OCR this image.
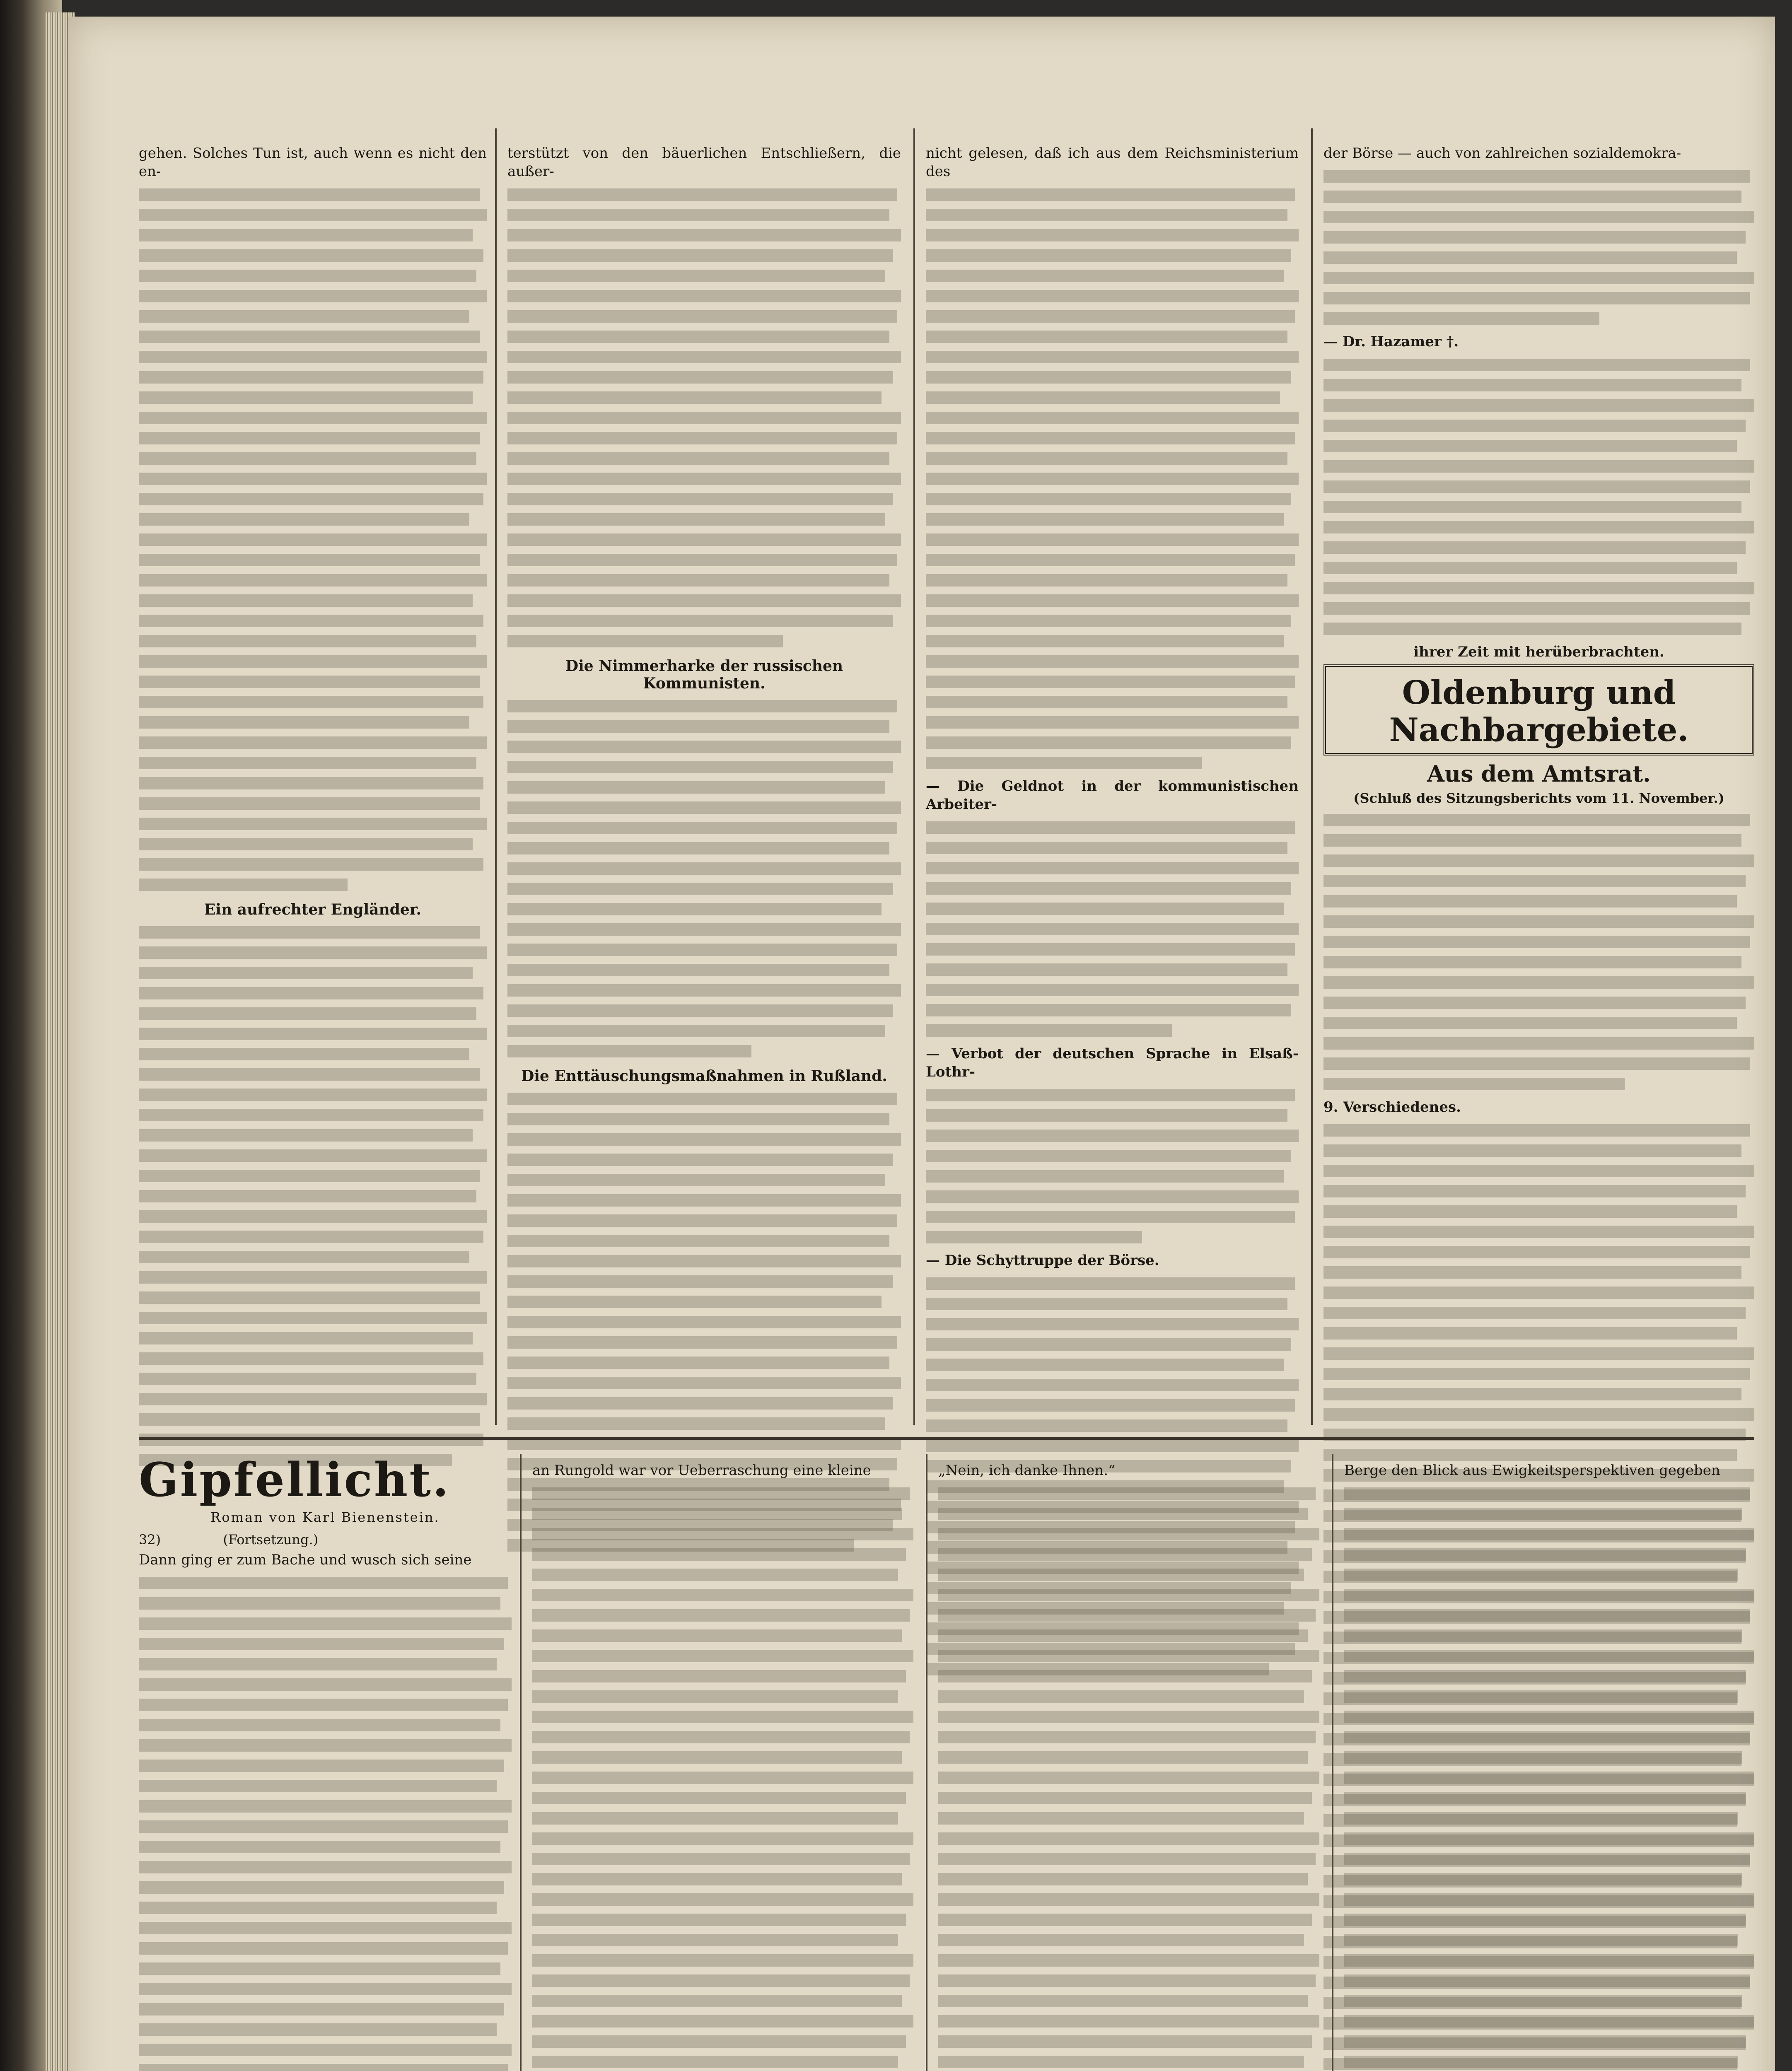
gehen. Solches Tun ist, auch wenn es nicht den en-

Ein aufrechter Engländer.

terstützt von den bäuerlichen Entschließern, die außer-

Die Nimmerharke der russischen Kommunisten.
Die Enttäuschungsmaßnahmen in Rußland.

nicht gelesen, daß ich aus dem Reichsministerium des

— Die Geldnot in der kommunistischen Arbeiter-

— Verbot der deutschen Sprache in Elsaß-Lothr-

— Die Schyttruppe der Börse.

der Börse — auch von zahlreichen sozialdemokra-

— Dr. Hazamer †.

ihrer Zeit mit herüberbrachten.

Oldenburg und Nachbargebiete.
Aus dem Amtsrat.
(Schluß des Sitzungsberichts vom 11. November.)

9. Verschiedenes.

Gipfellicht.
Roman von Karl Bienenstein.
32)	(Fortsetzung.)

Dann ging er zum Bache und wusch sich seine

an Rungold war vor Ueberraschung eine kleine	„Nein, ich danke Ihnen.“	Berge den Blick aus Ewigkeitsperspektiven gegeben
